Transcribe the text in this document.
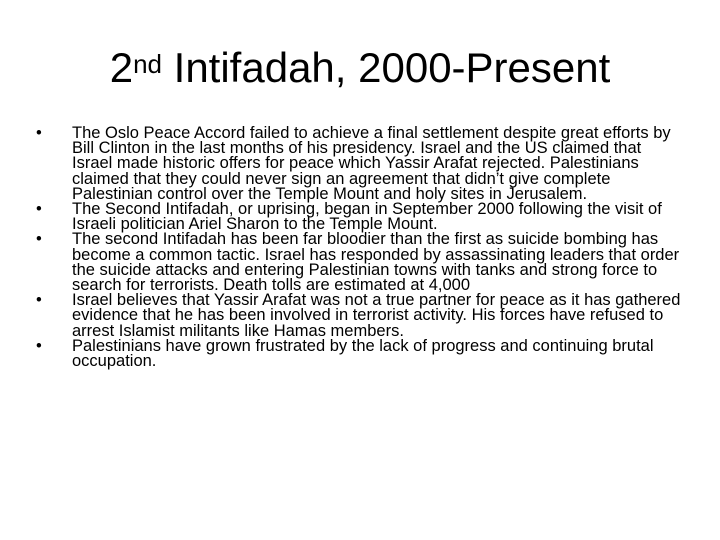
2nd Intifadah, 2000-Present
•	The Oslo Peace Accord failed to achieve a final settlement despite great efforts by Bill Clinton in the last months of his presidency. Israel and the US claimed that Israel made historic offers for peace which Yassir Arafat rejected. Palestinians claimed that they could never sign an agreement that didn’t give complete Palestinian control over the Temple Mount and holy sites in Jerusalem.
•	The Second Intifadah, or uprising, began in September 2000 following the visit of Israeli politician Ariel Sharon to the Temple Mount.
•	The second Intifadah has been far bloodier than the first as suicide bombing has become a common tactic. Israel has responded by assassinating leaders that order the suicide attacks and entering Palestinian towns with tanks and strong force to search for terrorists. Death tolls are estimated at 4,000
•	Israel believes that Yassir Arafat was not a true partner for peace as it has gathered evidence that he has been involved in terrorist activity. His forces have refused to arrest Islamist militants like Hamas members.
•	Palestinians have grown frustrated by the lack of progress and continuing brutal occupation.
